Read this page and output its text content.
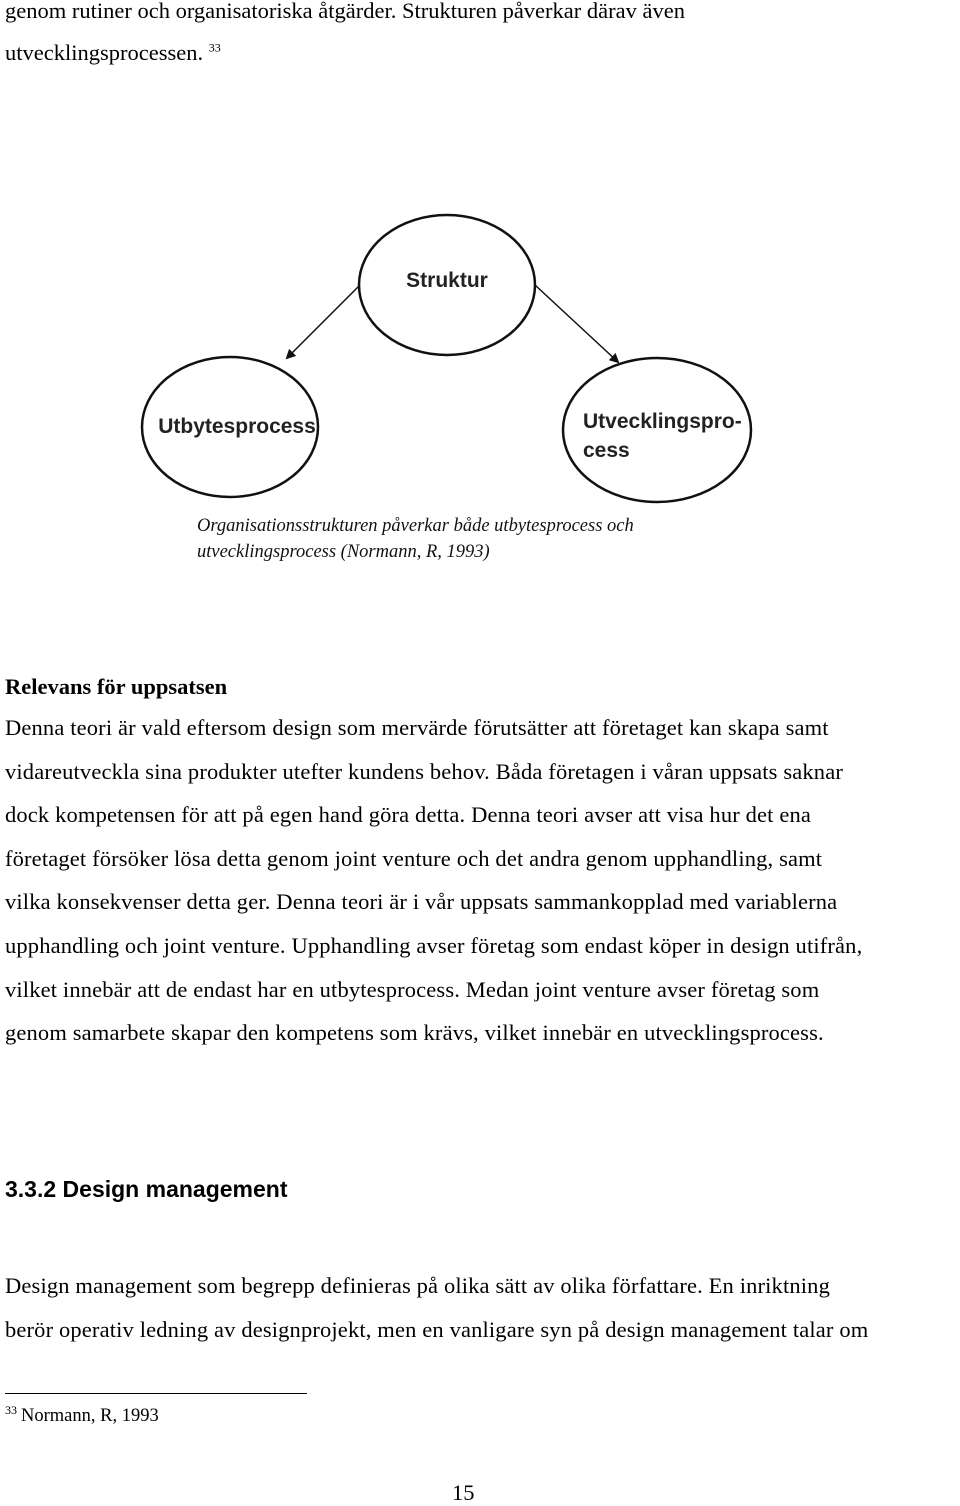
genom rutiner och organisatoriska åtgärder. Strukturen påverkar därav även
utvecklingsprocessen. $^{33}$
Struktur
Utbytesprocess	Utvecklingspro-
cess
Organisationsstrukturen påverkar både utbytesprocess och
utvecklingsprocess (Normann, R, 1993)
Relevans för uppsatsen
Denna teori är vald eftersom design som mervärde förutsätter att företaget kan skapa samt
vidareutveckla sina produkter utefter kundens behov. Båda företagen i våran uppsats saknar
dock kompetensen för att på egen hand göra detta. Denna teori avser att visa hur det ena
företaget försöker lösa detta genom joint venture och det andra genom upphandling, samt
vilka konsekvenser detta ger. Denna teori är i vår uppsats sammankopplad med variablerna
upphandling och joint venture. Upphandling avser företag som endast köper in design utifrån,
vilket innebär att de endast har en utbytesprocess. Medan joint venture avser företag som
genom samarbete skapar den kompetens som krävs, vilket innebär en utvecklingsprocess.
3.3.2 Design management
Design management som begrepp definieras på olika sätt av olika författare. En inriktning
berör operativ ledning av designprojekt, men en vanligare syn på design management talar om
$^{33}$ Normann, R, 1993
15
